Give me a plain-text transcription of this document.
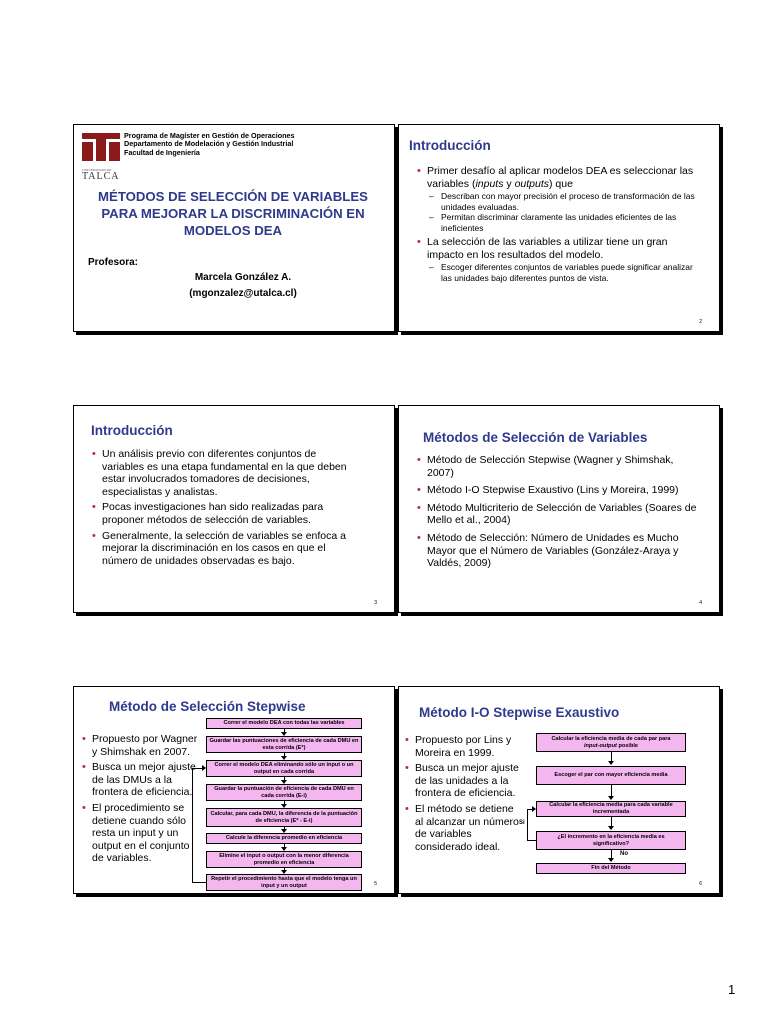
UNIVERSIDAD DE
TALCA
Programa de Magíster en Gestión de Operaciones
Departamento de Modelación y Gestión Industrial
Facultad de Ingeniería
MÉTODOS DE SELECCIÓN DE VARIABLES PARA MEJORAR LA DISCRIMINACIÓN EN MODELOS DEA
Profesora:
Marcela González A.
(mgonzalez@utalca.cl)
Introducción
• Primer desafío al aplicar modelos DEA es seleccionar las variables (inputs y outputs) que
– Describan con mayor precisión el proceso de transformación de las unidades evaluadas.
– Permitan discriminar claramente las unidades eficientes de las ineficientes
• La selección de las variables a utilizar tiene un gran impacto en los resultados del modelo.
– Escoger diferentes conjuntos de variables puede significar analizar las unidades bajo diferentes puntos de vista.
2
Introducción
• Un análisis previo con diferentes conjuntos de variables es una etapa fundamental en la que deben estar involucrados tomadores de decisiones, especialistas y analistas.
• Pocas investigaciones han sido realizadas para proponer métodos de selección de variables.
• Generalmente, la selección de variables se enfoca a mejorar la discriminación en los casos en que el número de unidades observadas es bajo.
3
Métodos de Selección de Variables
• Método de Selección Stepwise (Wagner y Shimshak, 2007)
• Método I-O Stepwise Exaustivo (Lins y Moreira, 1999)
• Método Multicriterio de Selección de Variables (Soares de Mello et al., 2004)
• Método de Selección: Número de Unidades es Mucho Mayor que el Número de Variables (González-Araya y Valdés, 2009)
4
Método de Selección Stepwise
• Propuesto por Wagner y Shimshak en 2007.
• Busca un mejor ajuste de las DMUs a la frontera de eficiencia.
• El procedimiento se detiene cuando sólo resta un input y un output en el conjunto de variables.
Correr el modelo DEA con todas las variables
Guardar las puntuaciones de eficiencia de cada DMU en esta corrida (E*)
Correr el modelo DEA eliminando sólo un input o un output en cada corrida
Guardar la puntuación de eficiencia de cada DMU en cada corrida (E-i)
Calcular, para cada DMU, la diferencia de la puntuación de eficiencia (E* - E-i)
Calcule la diferencia promedio en eficiencia
Elimine el input o output con la menor diferencia promedio en eficiencia
Repetir el procedimiento hasta que el modelo tenga un input y un output	5
Método I-O Stepwise Exaustivo
• Propuesto por Lins y Moreira en 1999.
• Busca un mejor ajuste de las unidades a la frontera de eficiencia.
• El método se detiene al alcanzar un número de variables considerado ideal.
Calcular la eficiencia media de cada par para
input-output posible
Escoger el par con mayor eficiencia media
Calcular la eficiencia media para cada variable incrementada
¿El incremento en la eficiencia media es significativo?
No
Fin del Método
Si
6
1
